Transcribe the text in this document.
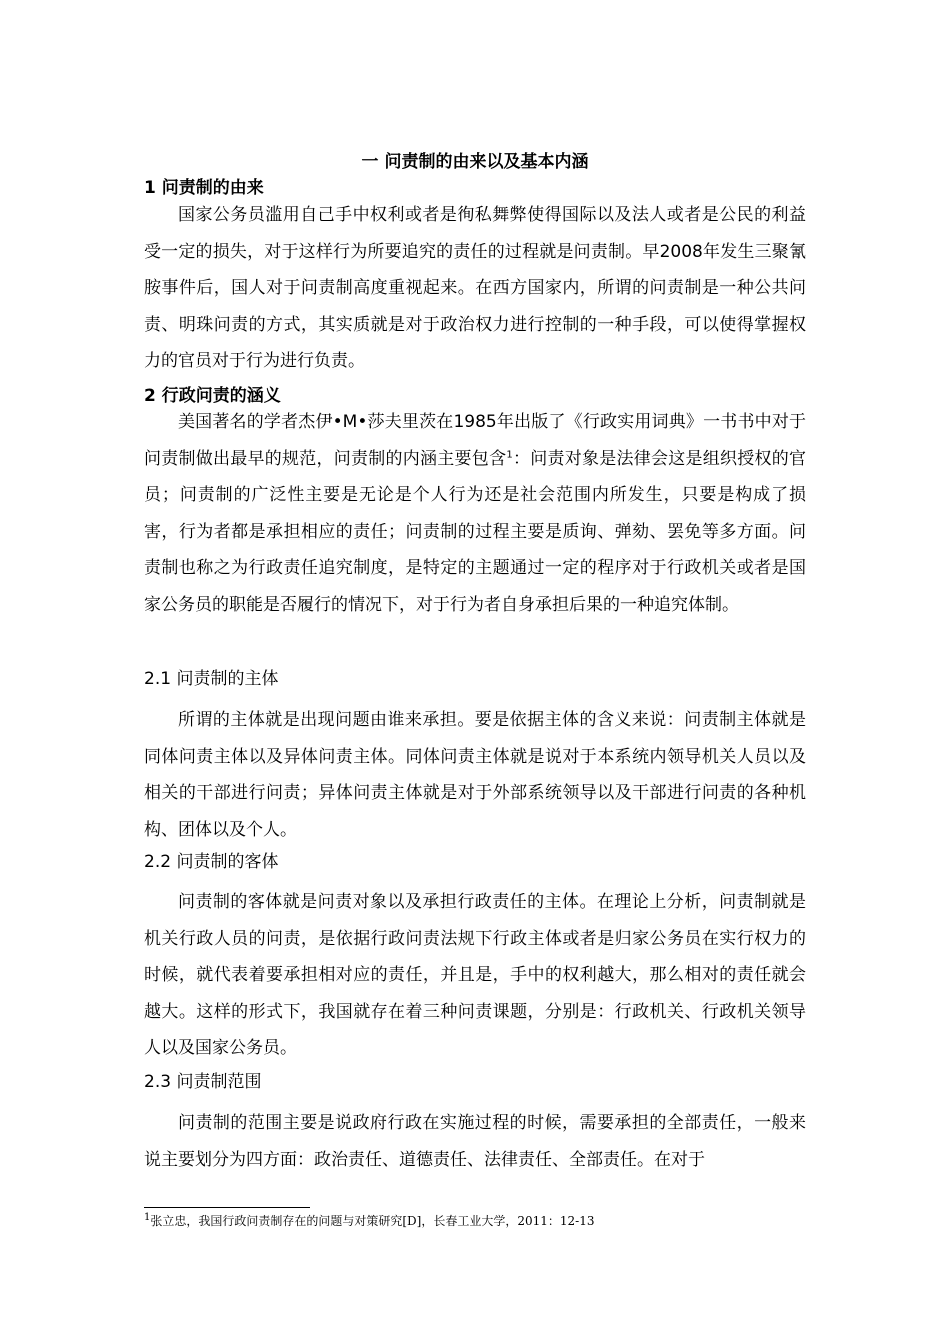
一 问责制的由来以及基本内涵
1 问责制的由来

国家公务员滥用自己手中权利或者是徇私舞弊使得国际以及法人或者是公民的利益受一定的损失，对于这样行为所要追究的责任的过程就是问责制。早2008年发生三聚氰胺事件后，国人对于问责制高度重视起来。在西方国家内，所谓的问责制是一种公共问责、明珠问责的方式，其实质就是对于政治权力进行控制的一种手段，可以使得掌握权力的官员对于行为进行负责。

2 行政问责的涵义

美国著名的学者杰伊•M•莎夫里茨在1985年出版了《行政实用词典》一书书中对于问责制做出最早的规范，问责制的内涵主要包含$^1$：问责对象是法律会这是组织授权的官员；问责制的广泛性主要是无论是个人行为还是社会范围内所发生，只要是构成了损害，行为者都是承担相应的责任；问责制的过程主要是质询、弹劾、罢免等多方面。问责制也称之为行政责任追究制度，是特定的主题通过一定的程序对于行政机关或者是国家公务员的职能是否履行的情况下，对于行为者自身承担后果的一种追究体制。

2.1 问责制的主体

所谓的主体就是出现问题由谁来承担。要是依据主体的含义来说：问责制主体就是同体问责主体以及异体问责主体。同体问责主体就是说对于本系统内领导机关人员以及相关的干部进行问责；异体问责主体就是对于外部系统领导以及干部进行问责的各种机构、团体以及个人。

2.2 问责制的客体

问责制的客体就是问责对象以及承担行政责任的主体。在理论上分析，问责制就是机关行政人员的问责，是依据行政问责法规下行政主体或者是归家公务员在实行权力的时候，就代表着要承担相对应的责任，并且是，手中的权利越大，那么相对的责任就会越大。这样的形式下，我国就存在着三种问责课题，分别是：行政机关、行政机关领导人以及国家公务员。

2.3 问责制范围

问责制的范围主要是说政府行政在实施过程的时候，需要承担的全部责任，一般来说主要划分为四方面：政治责任、道德责任、法律责任、全部责任。在对于

$^1$张立忠，我国行政问责制存在的问题与对策研究[D]，长春工业大学，2011：12-13
